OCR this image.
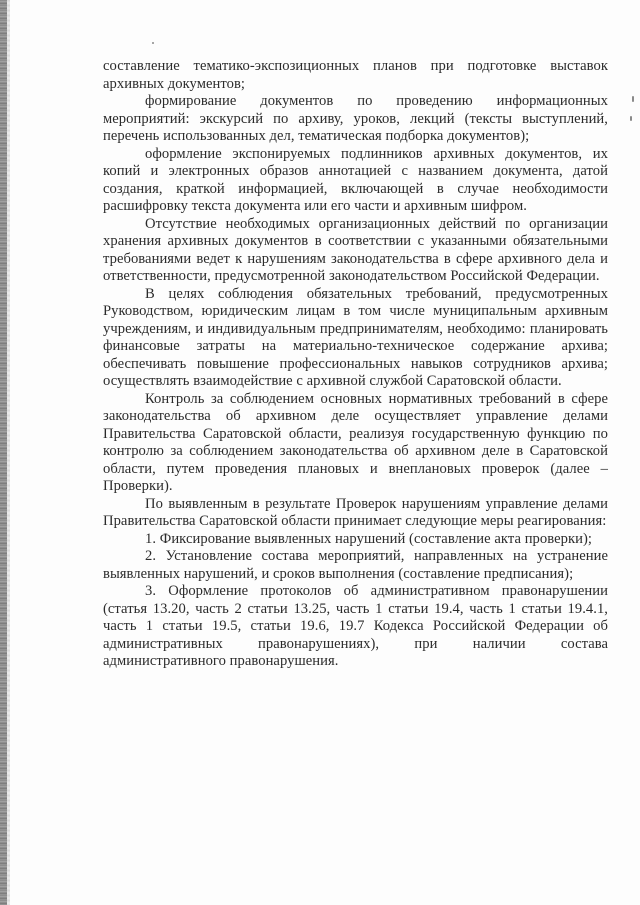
составление тематико-экспозиционных планов при подготовке выставок архивных документов;

формирование документов по проведению информационных мероприятий: экскурсий по архиву, уроков, лекций (тексты выступлений, перечень использованных дел, тематическая подборка документов);

оформление экспонируемых подлинников архивных документов, их копий и электронных образов аннотацией с названием документа, датой создания, краткой информацией, включающей в случае необходимости расшифровку текста документа или его части и архивным шифром.

Отсутствие необходимых организационных действий по организации хранения архивных документов в соответствии с указанными обязательными требованиями ведет к нарушениям законодательства в сфере архивного дела и ответственности, предусмотренной законодательством Российской Федерации.

В целях соблюдения обязательных требований, предусмотренных Руководством, юридическим лицам в том числе муниципальным архивным учреждениям, и индивидуальным предпринимателям, необходимо: планировать финансовые затраты на материально-техническое содержание архива; обеспечивать повышение профессиональных навыков сотрудников архива; осуществлять взаимодействие с архивной службой Саратовской области.

Контроль за соблюдением основных нормативных требований в сфере законодательства об архивном деле осуществляет управление делами Правительства Саратовской области, реализуя государственную функцию по контролю за соблюдением законодательства об архивном деле в Саратовской области, путем проведения плановых и внеплановых проверок (далее – Проверки).

По выявленным в результате Проверок нарушениям управление делами Правительства Саратовской области принимает следующие меры реагирования:

1. Фиксирование выявленных нарушений (составление акта проверки);

2. Установление состава мероприятий, направленных на устранение выявленных нарушений, и сроков выполнения (составление предписания);

3. Оформление протоколов об административном правонарушении (статья 13.20, часть 2 статьи 13.25, часть 1 статьи 19.4, часть 1 статьи 19.4.1, часть 1 статьи 19.5, статьи 19.6, 19.7 Кодекса Российской Федерации об административных правонарушениях), при наличии состава административного правонарушения.
